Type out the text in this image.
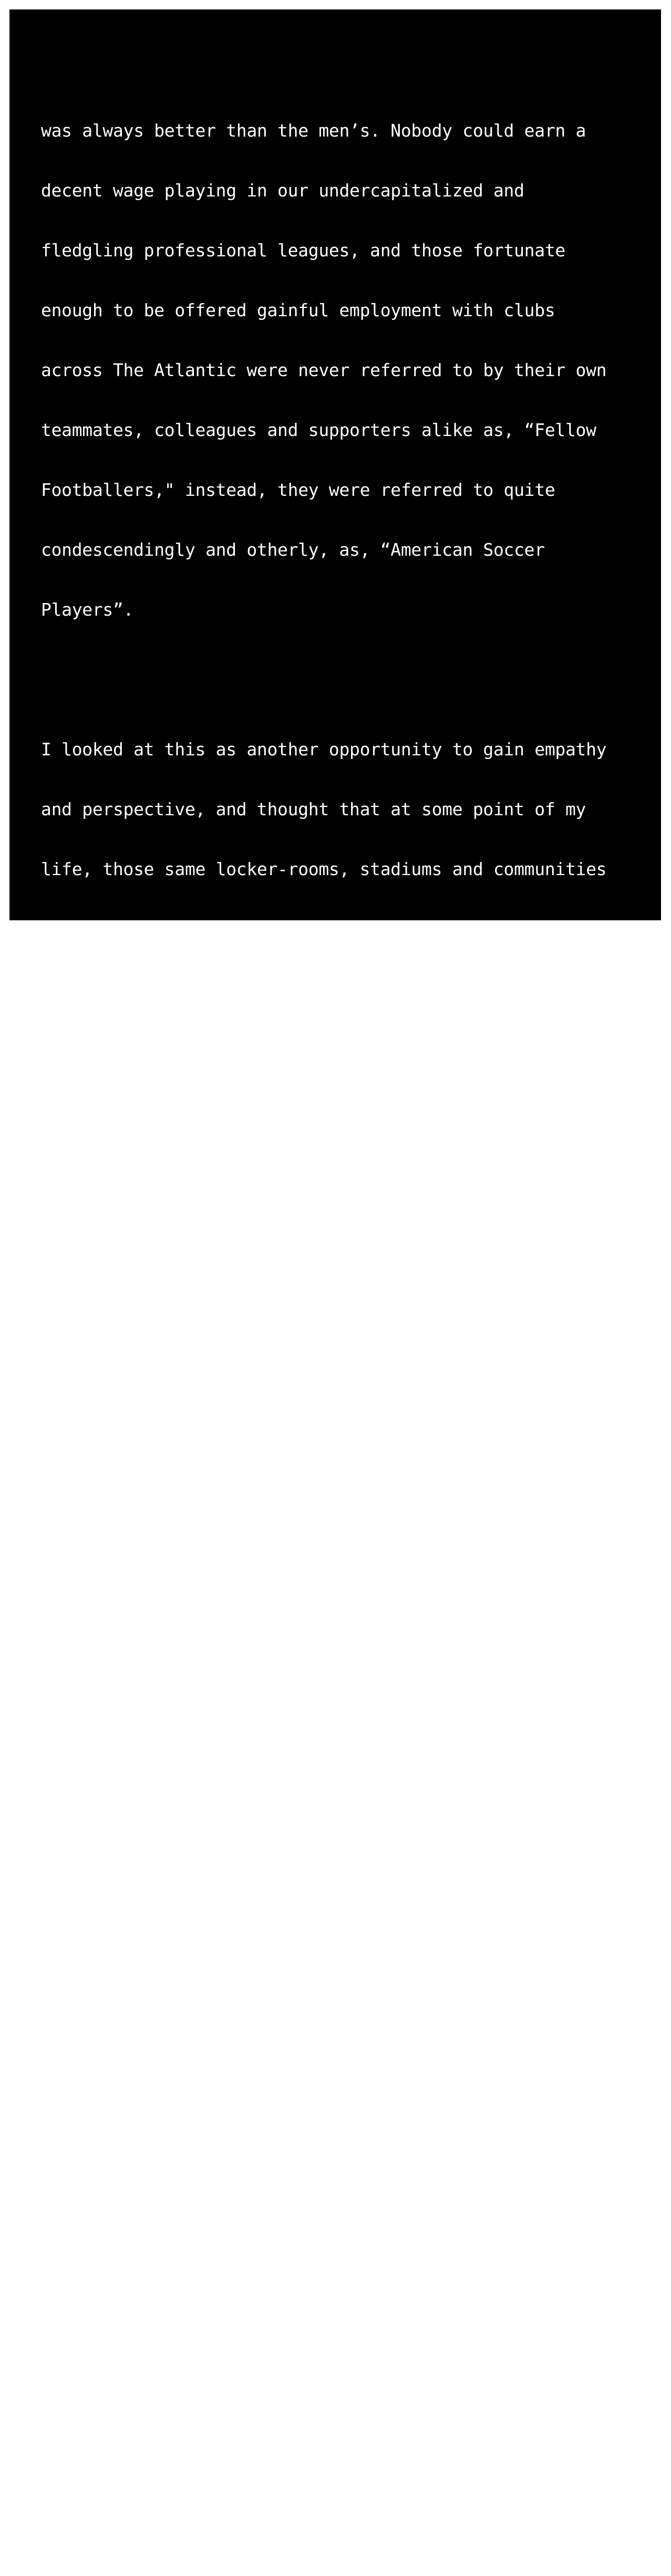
was always better than the men’s. Nobody could earn a

decent wage playing in our undercapitalized and

fledgling professional leagues, and those fortunate

enough to be offered gainful employment with clubs

across The Atlantic were never referred to by their own

teammates, colleagues and supporters alike as, “Fellow

Footballers," instead, they were referred to quite

condescendingly and otherly, as, “American Soccer

Players”.

I looked at this as another opportunity to gain empathy

and perspective, and thought that at some point of my

life, those same locker-rooms, stadiums and communities

which over time would come together to help to change

the way we feel and think and speak and write about the

sport of soccer (and then give it to each other in

perpetuity -- if we could keep it), just might be a

wonderful place in which to do the same with some other

words and concepts over time (especially as I became

aware of the history, imagery, sounds and scenes of

fleet-footed and strong-fisted athlete-advocates in the

1936 and 1968 Olympic Summer Games respectively).

Shortly after the 1984 Olympic Summer Games In Los

Angeles (“LA84”), my parents enrolled me in an

elementary and middle-school where the academic-culture

and student-body felt (to my formative-self) like The

United Nations General Assembly, and reflected the same

global makeup of the sport I played, loved and with

which I associated my own personal identity. I was

happy. I felt inspired. I felt safe (which isn’t always

an available option, and also isn’t always the best

situation for necessary development of the frontal

temporal lobe).

Just before I graduated from that middle-school, late

one night, my dad and I shared a seminal few hours of

my adolescence watching a film about the June 21, 1964

heinous murders of James Chaney, Andrew Goodman and

Michael Schwerner in Philadelphia, Mississippi -- the
